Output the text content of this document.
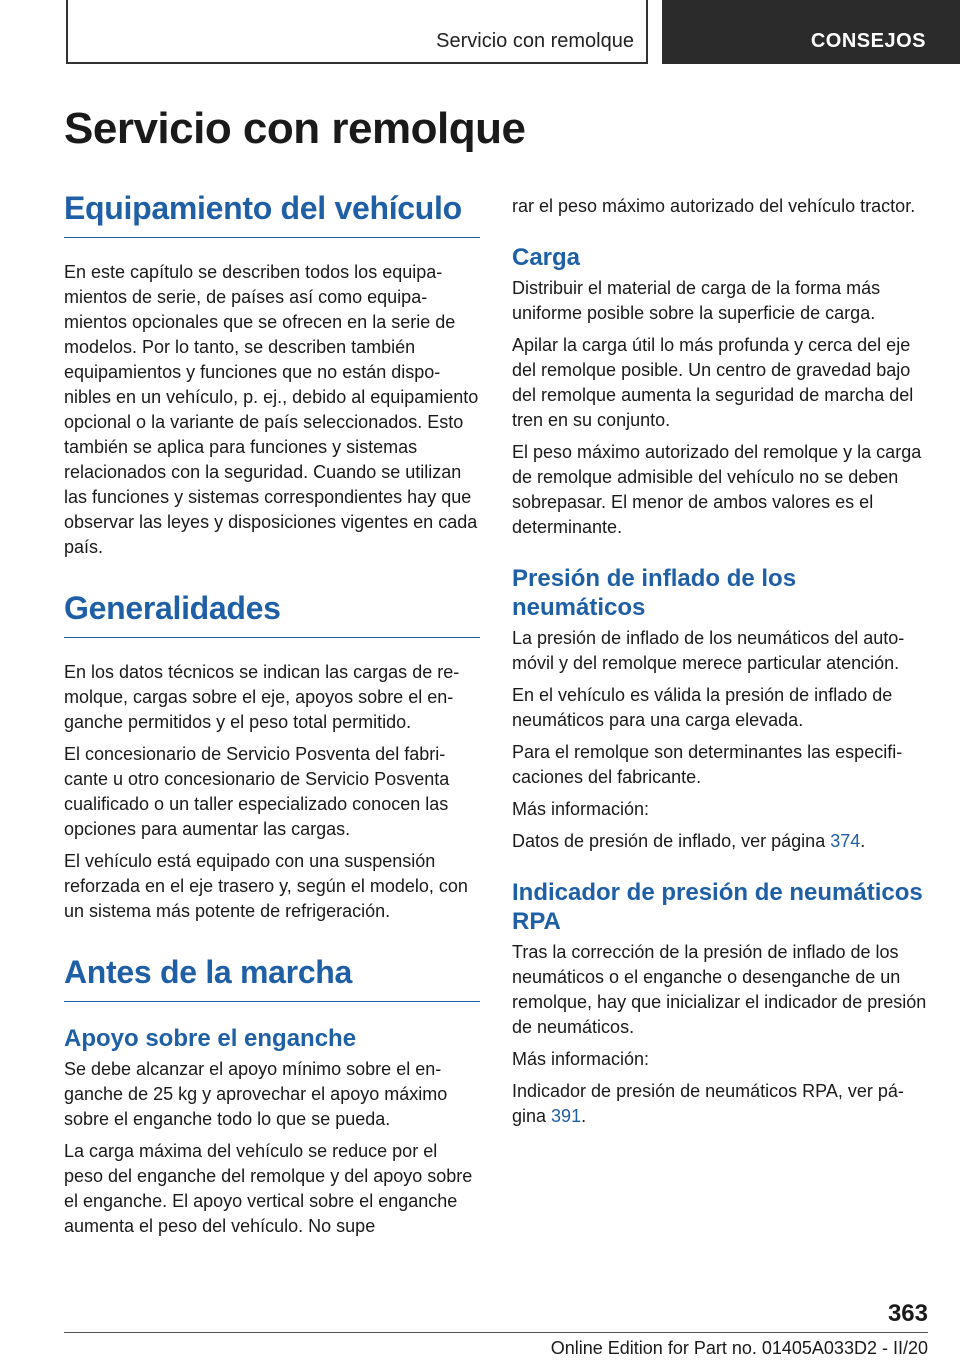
Servicio con remolque	CONSEJOS
Servicio con remolque
Equipamiento del vehículo

En este capítulo se describen todos los equipamientos de serie, de países así como equipamientos opcionales que se ofrecen en la serie de modelos. Por lo tanto, se describen también equipamientos y funciones que no están disponibles en un vehículo, p. ej., debido al equipamiento opcional o la variante de país seleccionados. Esto también se aplica para funciones y sistemas relacionados con la seguridad. Cuando se utilizan las funciones y sistemas correspondientes hay que observar las leyes y disposiciones vigentes en cada país.

Generalidades

En los datos técnicos se indican las cargas de remolque, cargas sobre el eje, apoyos sobre el enganche permitidos y el peso total permitido.

El concesionario de Servicio Posventa del fabricante u otro concesionario de Servicio Posventa cualificado o un taller especializado conocen las opciones para aumentar las cargas.

El vehículo está equipado con una suspensión reforzada en el eje trasero y, según el modelo, con un sistema más potente de refrigeración.

Antes de la marcha
Apoyo sobre el enganche

Se debe alcanzar el apoyo mínimo sobre el enganche de 25 kg y aprovechar el apoyo máximo sobre el enganche todo lo que se pueda.

La carga máxima del vehículo se reduce por el peso del enganche del remolque y del apoyo sobre el enganche. El apoyo vertical sobre el enganche aumenta el peso del vehículo. No supe

rar el peso máximo autorizado del vehículo tractor.

Carga

Distribuir el material de carga de la forma más uniforme posible sobre la superficie de carga.

Apilar la carga útil lo más profunda y cerca del eje del remolque posible. Un centro de gravedad bajo del remolque aumenta la seguridad de marcha del tren en su conjunto.

El peso máximo autorizado del remolque y la carga de remolque admisible del vehículo no se deben sobrepasar. El menor de ambos valores es el determinante.

Presión de inflado de los neumáticos

La presión de inflado de los neumáticos del automóvil y del remolque merece particular atención.

En el vehículo es válida la presión de inflado de neumáticos para una carga elevada.

Para el remolque son determinantes las especificaciones del fabricante.

Más información:

Datos de presión de inflado, ver página 374.

Indicador de presión de neumáticos RPA

Tras la corrección de la presión de inflado de los neumáticos o el enganche o desenganche de un remolque, hay que inicializar el indicador de presión de neumáticos.

Más información:

Indicador de presión de neumáticos RPA, ver página 391.

363
Online Edition for Part no. 01405A033D2 - II/20
